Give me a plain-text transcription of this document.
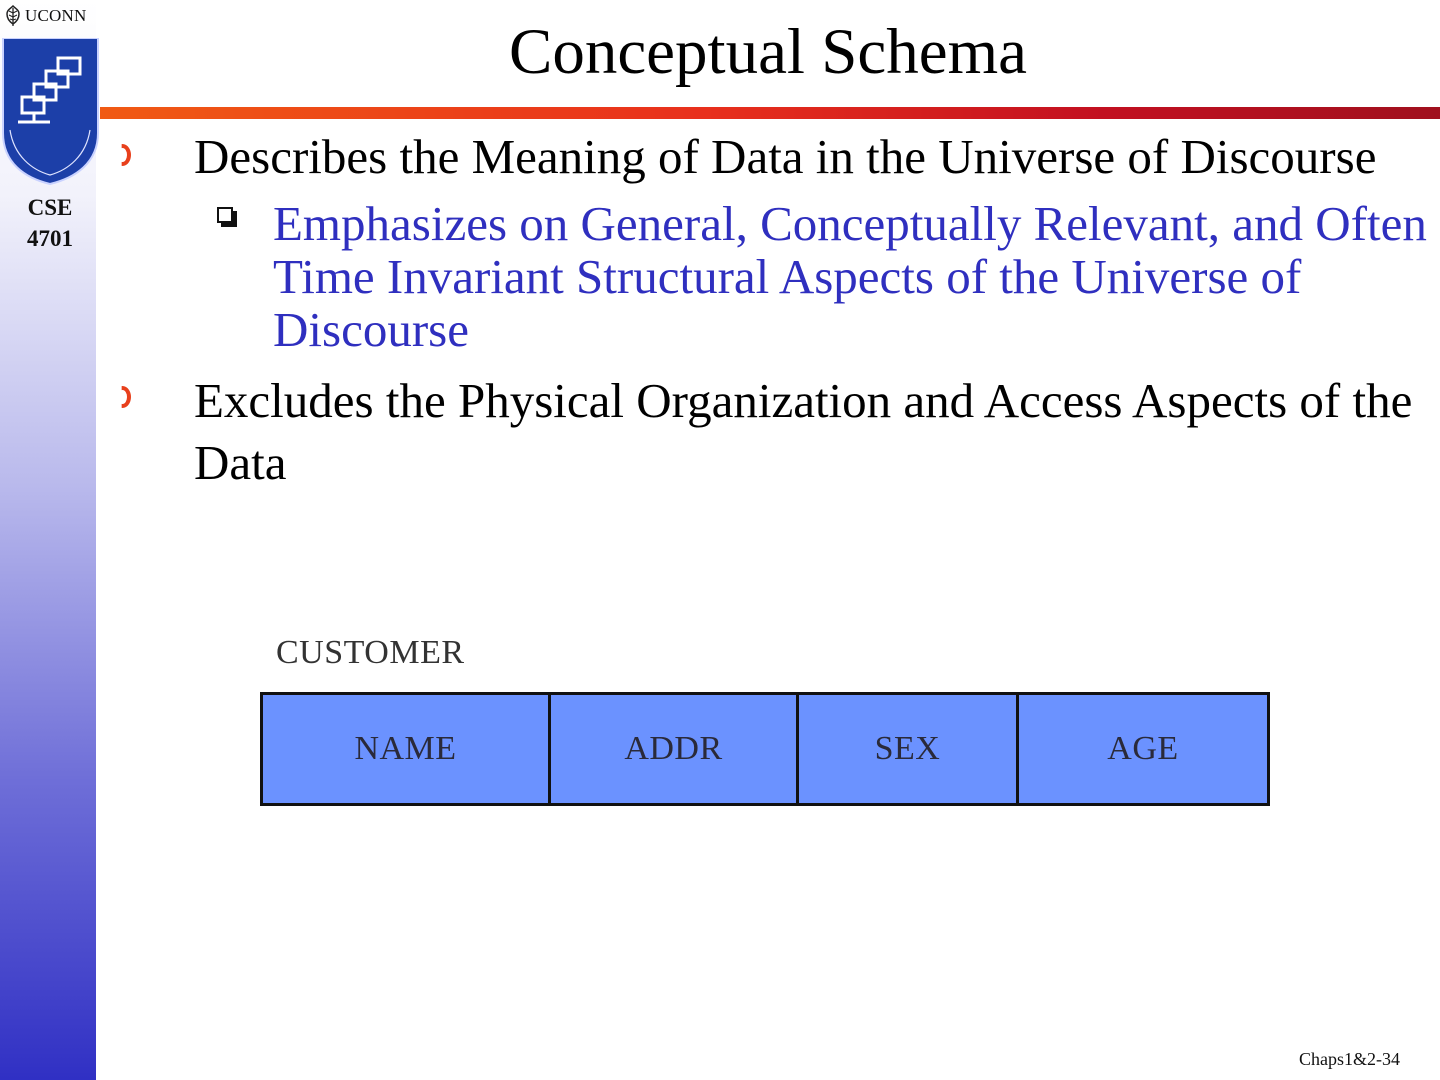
UCONN
CSE
4701
Conceptual Schema
Describes the Meaning of Data in the Universe of Discourse
Emphasizes on General, Conceptually Relevant, and Often Time Invariant Structural Aspects of the Universe of Discourse
Excludes the Physical Organization and Access Aspects of the Data
CUSTOMER
NAME	ADDR	SEX	AGE
Chaps1&2-34
